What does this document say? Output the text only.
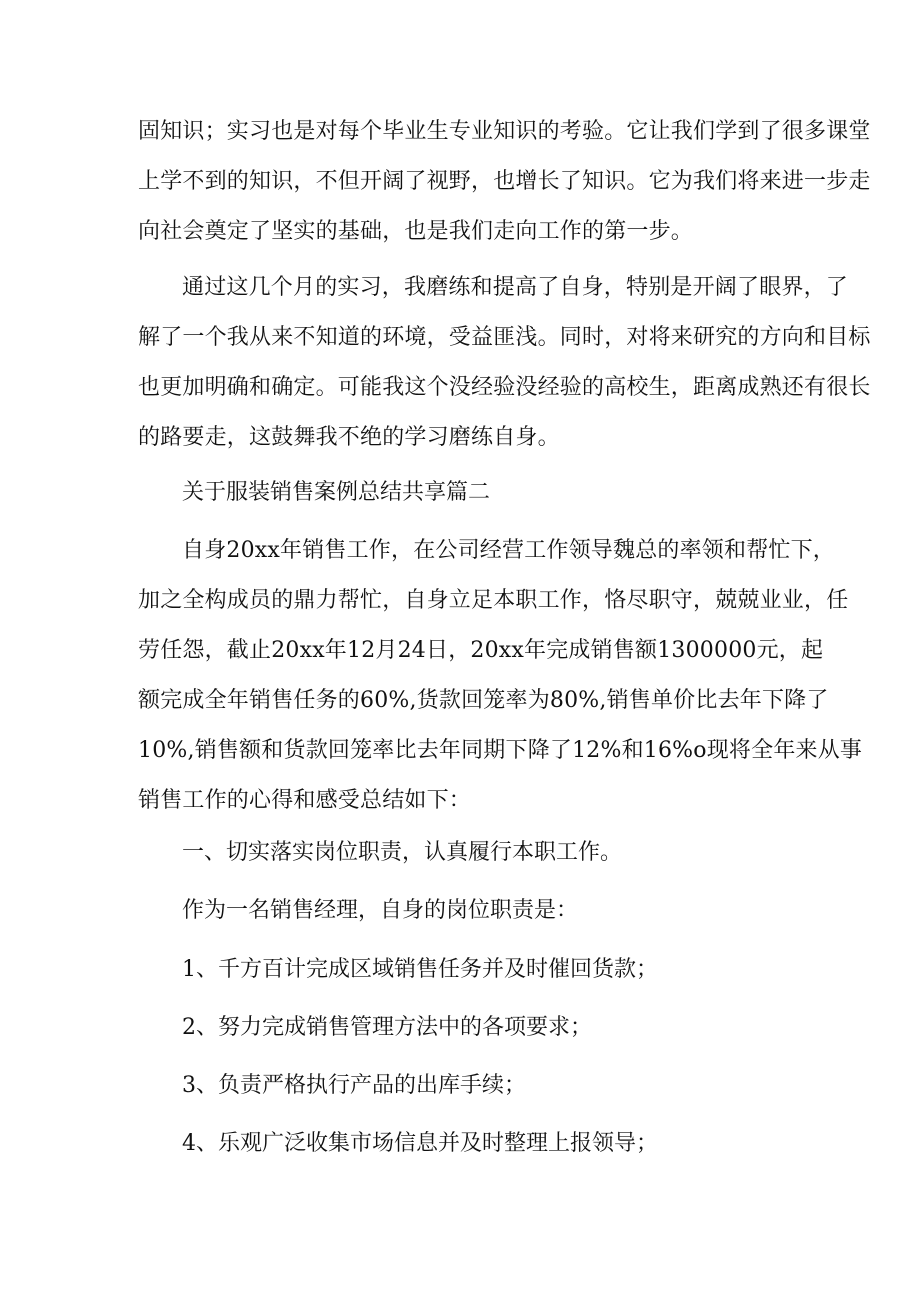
固知识；实习也是对每个毕业生专业知识的考验。它让我们学到了很多课堂
上学不到的知识，不但开阔了视野，也增长了知识。它为我们将来进一步走
向社会奠定了坚实的基础，也是我们走向工作的第一步。
通过这几个月的实习，我磨练和提高了自身，特别是开阔了眼界，了
解了一个我从来不知道的环境，受益匪浅。同时，对将来研究的方向和目标
也更加明确和确定。可能我这个没经验没经验的高校生，距离成熟还有很长
的路要走，这鼓舞我不绝的学习磨练自身。

关于服装销售案例总结共享篇二

自身20xx年销售工作，在公司经营工作领导魏总的率领和帮忙下，
加之全构成员的鼎力帮忙，自身立足本职工作，恪尽职守，兢兢业业，任
劳任怨，截止20xx年12月24日，20xx年完成销售额1300000元，起
额完成全年销售任务的60%,货款回笼率为80%,销售单价比去年下降了
10%,销售额和货款回笼率比去年同期下降了12%和16%o现将全年来从事
销售工作的心得和感受总结如下：

一、切实落实岗位职责，认真履行本职工作。

作为一名销售经理，自身的岗位职责是：

1、千方百计完成区域销售任务并及时催回货款；

2、努力完成销售管理方法中的各项要求；

3、负责严格执行产品的出库手续；

4、乐观广泛收集市场信息并及时整理上报领导；
